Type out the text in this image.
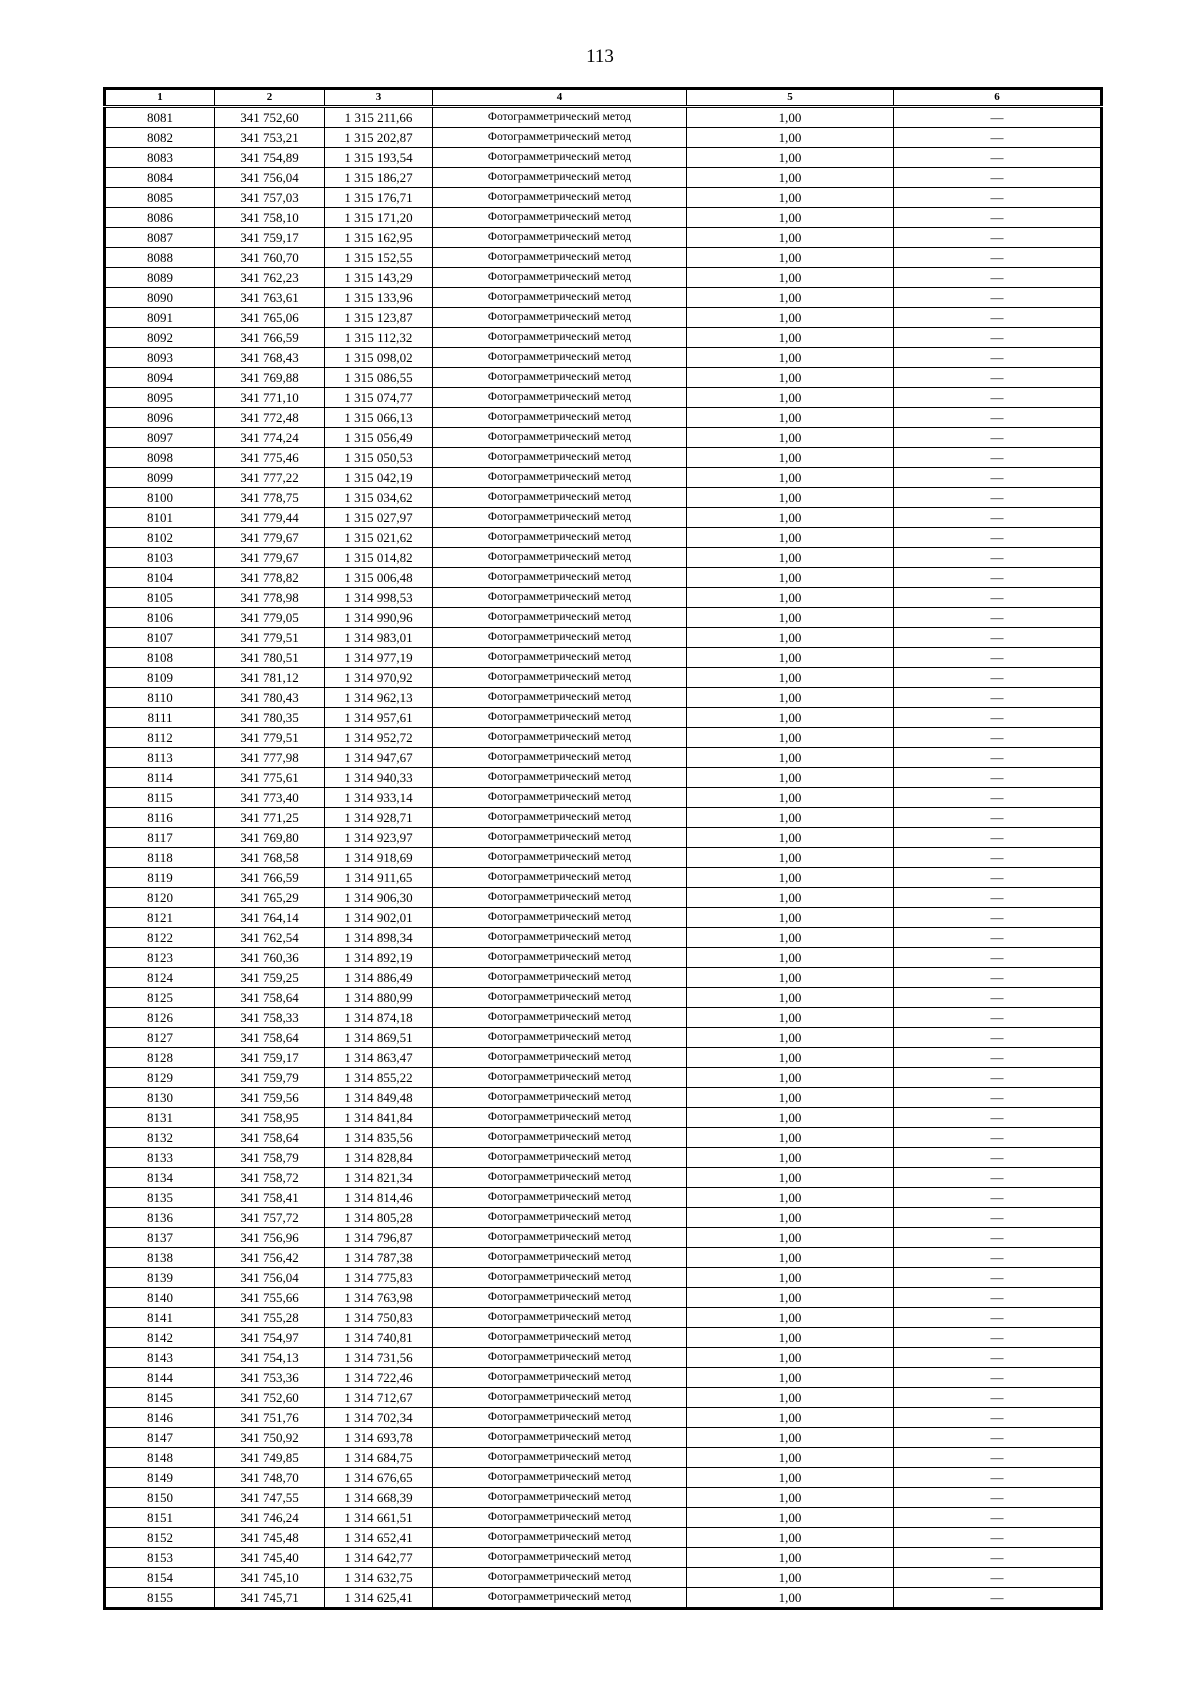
113
1	2	3	4	5	6
8081	341 752,60	1 315 211,66	Фотограмметрический метод	1,00	—
8082	341 753,21	1 315 202,87	Фотограмметрический метод	1,00	—
8083	341 754,89	1 315 193,54	Фотограмметрический метод	1,00	—
8084	341 756,04	1 315 186,27	Фотограмметрический метод	1,00	—
8085	341 757,03	1 315 176,71	Фотограмметрический метод	1,00	—
8086	341 758,10	1 315 171,20	Фотограмметрический метод	1,00	—
8087	341 759,17	1 315 162,95	Фотограмметрический метод	1,00	—
8088	341 760,70	1 315 152,55	Фотограмметрический метод	1,00	—
8089	341 762,23	1 315 143,29	Фотограмметрический метод	1,00	—
8090	341 763,61	1 315 133,96	Фотограмметрический метод	1,00	—
8091	341 765,06	1 315 123,87	Фотограмметрический метод	1,00	—
8092	341 766,59	1 315 112,32	Фотограмметрический метод	1,00	—
8093	341 768,43	1 315 098,02	Фотограмметрический метод	1,00	—
8094	341 769,88	1 315 086,55	Фотограмметрический метод	1,00	—
8095	341 771,10	1 315 074,77	Фотограмметрический метод	1,00	—
8096	341 772,48	1 315 066,13	Фотограмметрический метод	1,00	—
8097	341 774,24	1 315 056,49	Фотограмметрический метод	1,00	—
8098	341 775,46	1 315 050,53	Фотограмметрический метод	1,00	—
8099	341 777,22	1 315 042,19	Фотограмметрический метод	1,00	—
8100	341 778,75	1 315 034,62	Фотограмметрический метод	1,00	—
8101	341 779,44	1 315 027,97	Фотограмметрический метод	1,00	—
8102	341 779,67	1 315 021,62	Фотограмметрический метод	1,00	—
8103	341 779,67	1 315 014,82	Фотограмметрический метод	1,00	—
8104	341 778,82	1 315 006,48	Фотограмметрический метод	1,00	—
8105	341 778,98	1 314 998,53	Фотограмметрический метод	1,00	—
8106	341 779,05	1 314 990,96	Фотограмметрический метод	1,00	—
8107	341 779,51	1 314 983,01	Фотограмметрический метод	1,00	—
8108	341 780,51	1 314 977,19	Фотограмметрический метод	1,00	—
8109	341 781,12	1 314 970,92	Фотограмметрический метод	1,00	—
8110	341 780,43	1 314 962,13	Фотограмметрический метод	1,00	—
8111	341 780,35	1 314 957,61	Фотограмметрический метод	1,00	—
8112	341 779,51	1 314 952,72	Фотограмметрический метод	1,00	—
8113	341 777,98	1 314 947,67	Фотограмметрический метод	1,00	—
8114	341 775,61	1 314 940,33	Фотограмметрический метод	1,00	—
8115	341 773,40	1 314 933,14	Фотограмметрический метод	1,00	—
8116	341 771,25	1 314 928,71	Фотограмметрический метод	1,00	—
8117	341 769,80	1 314 923,97	Фотограмметрический метод	1,00	—
8118	341 768,58	1 314 918,69	Фотограмметрический метод	1,00	—
8119	341 766,59	1 314 911,65	Фотограмметрический метод	1,00	—
8120	341 765,29	1 314 906,30	Фотограмметрический метод	1,00	—
8121	341 764,14	1 314 902,01	Фотограмметрический метод	1,00	—
8122	341 762,54	1 314 898,34	Фотограмметрический метод	1,00	—
8123	341 760,36	1 314 892,19	Фотограмметрический метод	1,00	—
8124	341 759,25	1 314 886,49	Фотограмметрический метод	1,00	—
8125	341 758,64	1 314 880,99	Фотограмметрический метод	1,00	—
8126	341 758,33	1 314 874,18	Фотограмметрический метод	1,00	—
8127	341 758,64	1 314 869,51	Фотограмметрический метод	1,00	—
8128	341 759,17	1 314 863,47	Фотограмметрический метод	1,00	—
8129	341 759,79	1 314 855,22	Фотограмметрический метод	1,00	—
8130	341 759,56	1 314 849,48	Фотограмметрический метод	1,00	—
8131	341 758,95	1 314 841,84	Фотограмметрический метод	1,00	—
8132	341 758,64	1 314 835,56	Фотограмметрический метод	1,00	—
8133	341 758,79	1 314 828,84	Фотограмметрический метод	1,00	—
8134	341 758,72	1 314 821,34	Фотограмметрический метод	1,00	—
8135	341 758,41	1 314 814,46	Фотограмметрический метод	1,00	—
8136	341 757,72	1 314 805,28	Фотограмметрический метод	1,00	—
8137	341 756,96	1 314 796,87	Фотограмметрический метод	1,00	—
8138	341 756,42	1 314 787,38	Фотограмметрический метод	1,00	—
8139	341 756,04	1 314 775,83	Фотограмметрический метод	1,00	—
8140	341 755,66	1 314 763,98	Фотограмметрический метод	1,00	—
8141	341 755,28	1 314 750,83	Фотограмметрический метод	1,00	—
8142	341 754,97	1 314 740,81	Фотограмметрический метод	1,00	—
8143	341 754,13	1 314 731,56	Фотограмметрический метод	1,00	—
8144	341 753,36	1 314 722,46	Фотограмметрический метод	1,00	—
8145	341 752,60	1 314 712,67	Фотограмметрический метод	1,00	—
8146	341 751,76	1 314 702,34	Фотограмметрический метод	1,00	—
8147	341 750,92	1 314 693,78	Фотограмметрический метод	1,00	—
8148	341 749,85	1 314 684,75	Фотограмметрический метод	1,00	—
8149	341 748,70	1 314 676,65	Фотограмметрический метод	1,00	—
8150	341 747,55	1 314 668,39	Фотограмметрический метод	1,00	—
8151	341 746,24	1 314 661,51	Фотограмметрический метод	1,00	—
8152	341 745,48	1 314 652,41	Фотограмметрический метод	1,00	—
8153	341 745,40	1 314 642,77	Фотограмметрический метод	1,00	—
8154	341 745,10	1 314 632,75	Фотограмметрический метод	1,00	—
8155	341 745,71	1 314 625,41	Фотограмметрический метод	1,00	—
